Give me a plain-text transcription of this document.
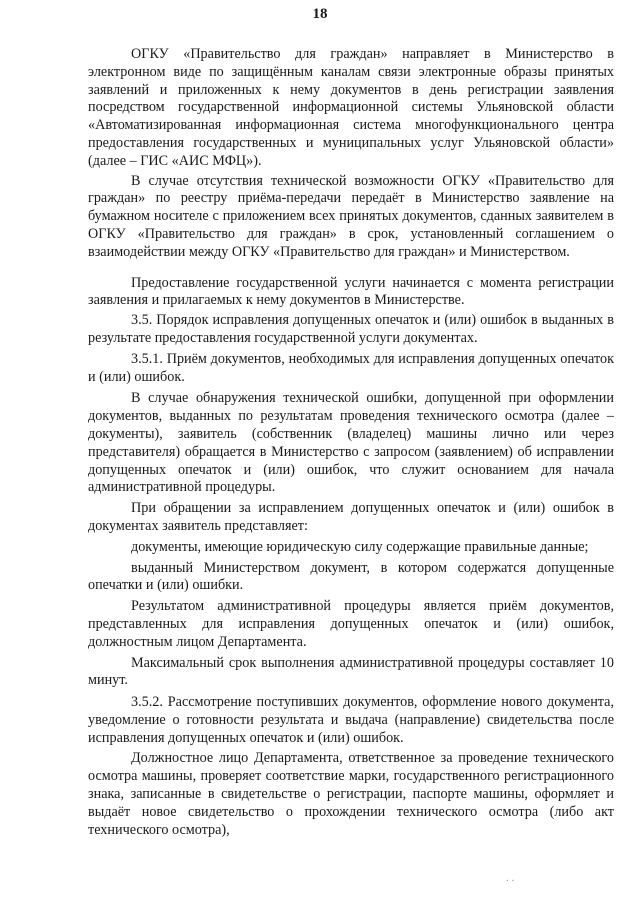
18

ОГКУ «Правительство для граждан» направляет в Министерство в электронном виде по защищённым каналам связи электронные образы принятых заявлений и приложенных к нему документов в день регистрации заявления посредством государственной информационной системы Ульяновской области «Автоматизированная информационная система многофункционального центра предоставления государственных и муниципальных услуг Ульяновской области» (далее – ГИС «АИС МФЦ»).

В случае отсутствия технической возможности ОГКУ «Правительство для граждан» по реестру приёма-передачи передаёт в Министерство заявление на бумажном носителе с приложением всех принятых документов, сданных заявителем в ОГКУ «Правительство для граждан» в срок, установленный соглашением о взаимодействии между ОГКУ «Правительство для граждан» и Министерством.

Предоставление государственной услуги начинается с момента регистрации заявления и прилагаемых к нему документов в Министерстве.

3.5. Порядок исправления допущенных опечаток и (или) ошибок в выданных в результате предоставления государственной услуги документах.

3.5.1. Приём документов, необходимых для исправления допущенных опечаток и (или) ошибок.

В случае обнаружения технической ошибки, допущенной при оформлении документов, выданных по результатам проведения технического осмотра (далее – документы), заявитель (собственник (владелец) машины лично или через представителя) обращается в Министерство с запросом (заявлением) об исправлении допущенных опечаток и (или) ошибок, что служит основанием для начала административной процедуры.

При обращении за исправлением допущенных опечаток и (или) ошибок в документах заявитель представляет:

документы, имеющие юридическую силу содержащие правильные данные;

выданный Министерством документ, в котором содержатся допущенные опечатки и (или) ошибки.

Результатом административной процедуры является приём документов, представленных для исправления допущенных опечаток и (или) ошибок, должностным лицом Департамента.

Максимальный срок выполнения административной процедуры составляет 10 минут.

3.5.2. Рассмотрение поступивших документов, оформление нового документа, уведомление о готовности результата и выдача (направление) свидетельства после исправления допущенных опечаток и (или) ошибок.

Должностное лицо Департамента, ответственное за проведение технического осмотра машины, проверяет соответствие марки, государственного регистрационного знака, записанные в свидетельстве о регистрации, паспорте машины, оформляет и выдаёт новое свидетельство о прохождении технического осмотра (либо акт технического осмотра),

. .
